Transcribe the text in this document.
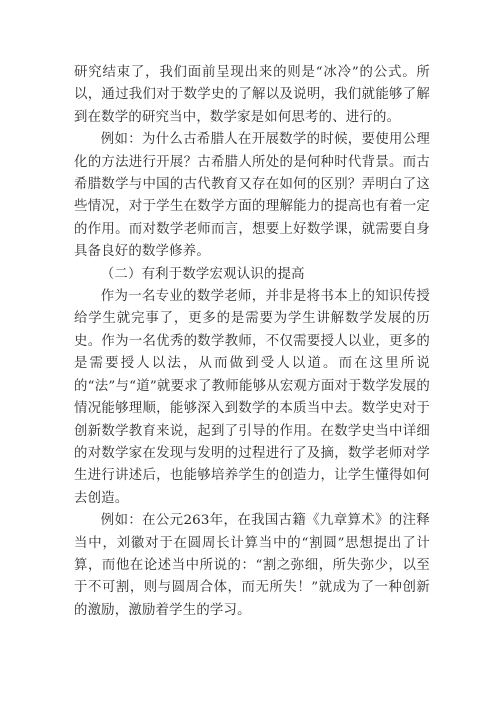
研究结束了，我们面前呈现出来的则是“冰冷”的公式。所以，通过我们对于数学史的了解以及说明，我们就能够了解到在数学的研究当中，数学家是如何思考的、进行的。

例如：为什么古希腊人在开展数学的时候，要使用公理化的方法进行开展？古希腊人所处的是何种时代背景。而古希腊数学与中国的古代教育又存在如何的区别？弄明白了这些情况，对于学生在数学方面的理解能力的提高也有着一定的作用。而对数学老师而言，想要上好数学课，就需要自身具备良好的数学修养。

（二）有利于数学宏观认识的提高

作为一名专业的数学老师，并非是将书本上的知识传授给学生就完事了，更多的是需要为学生讲解数学发展的历史。作为一名优秀的数学教师，不仅需要授人以业，更多的是需要授人以法，从而做到受人以道。而在这里所说的“法”与“道”就要求了教师能够从宏观方面对于数学发展的情况能够理顺，能够深入到数学的本质当中去。数学史对于创新数学教育来说，起到了引导的作用。在数学史当中详细的对数学家在发现与发明的过程进行了及摘，数学老师对学生进行讲述后，也能够培养学生的创造力，让学生懂得如何去创造。

例如：在公元263年，在我国古籍《九章算术》的注释当中，刘徽对于在圆周长计算当中的“割圆”思想提出了计算，而他在论述当中所说的：“割之弥细，所失弥少，以至于不可割，则与圆周合体，而无所失！”就成为了一种创新的激励，激励着学生的学习。
